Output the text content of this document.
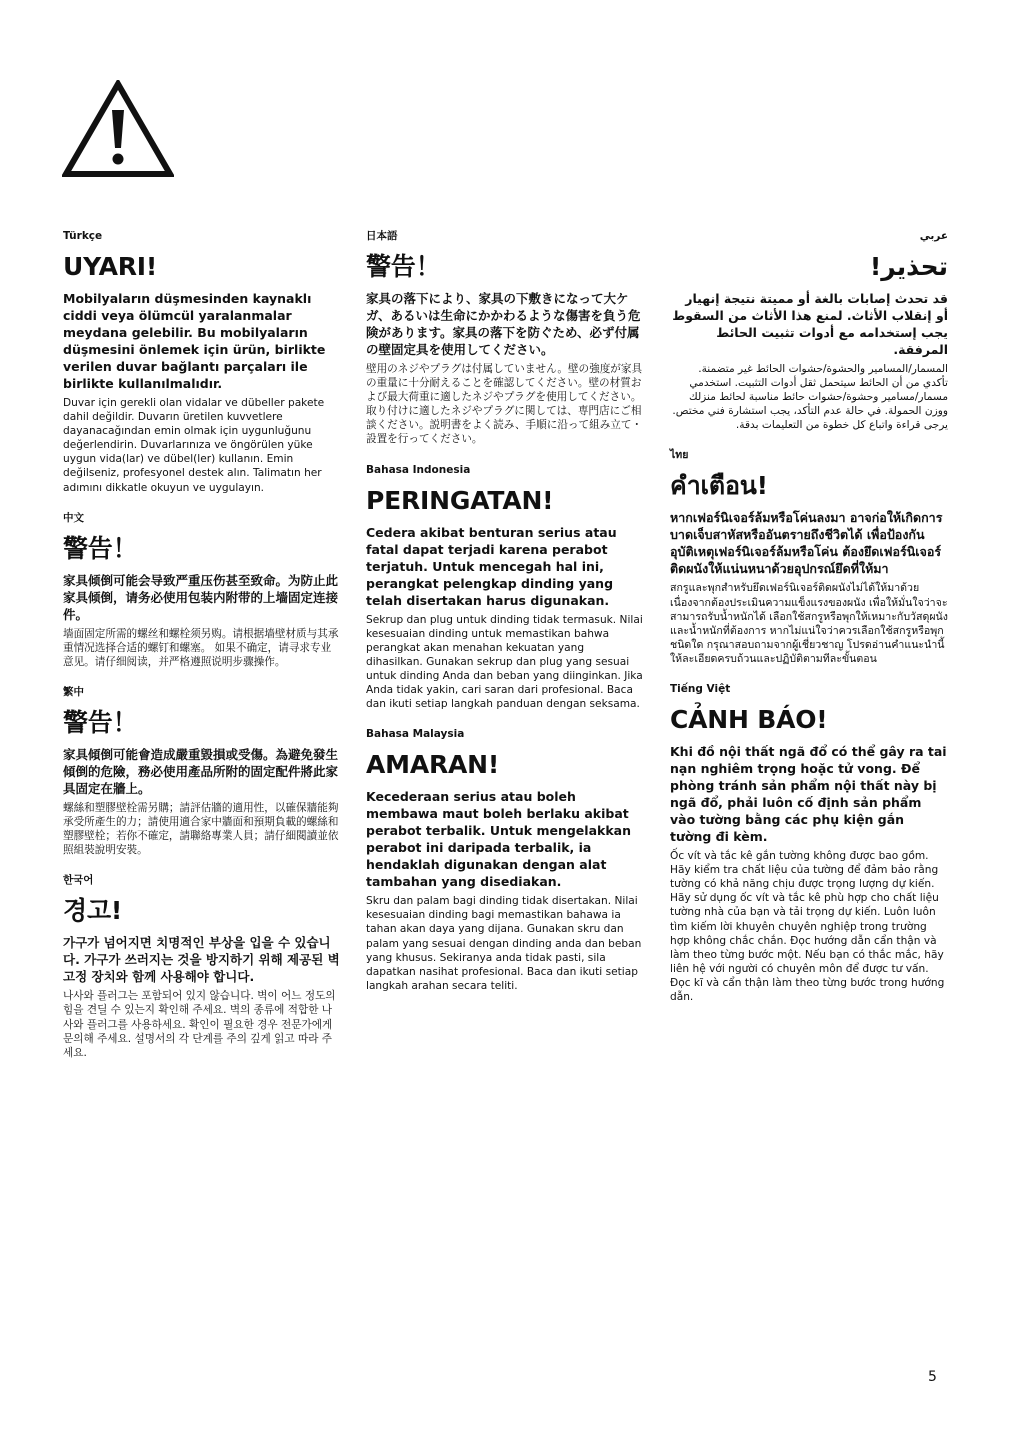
Türkçe
UYARI!
Mobilyaların düşmesinden kaynaklı ciddi veya ölümcül yaralanmalar meydana gelebilir. Bu mobilyaların düşmesini önlemek için ürün, birlikte verilen duvar bağlantı parçaları ile birlikte kullanılmalıdır.
Duvar için gerekli olan vidalar ve dübeller pakete dahil değildir. Duvarın üretilen kuvvetlere dayanacağından emin olmak için uygunluğunu değerlendirin. Duvarlarınıza ve öngörülen yüke uygun vida(lar) ve dübel(ler) kullanın. Emin değilseniz, profesyonel destek alın. Talimatın her adımını dikkatle okuyun ve uygulayın.
中文
警告！
家具倾倒可能会导致严重压伤甚至致命。为防止此家具倾倒，请务必使用包装内附带的上墙固定连接件。
墙面固定所需的螺丝和螺栓须另购。请根据墙壁材质与其承重情况选择合适的螺钉和螺塞。 如果不确定，请寻求专业意见。请仔细阅读，并严格遵照说明步骤操作。
繁中
警告！
家具傾倒可能會造成嚴重毀損或受傷。為避免發生傾倒的危險，務必使用產品所附的固定配件將此家具固定在牆上。
螺絲和塑膠壁栓需另購；請評估牆的適用性，以確保牆能夠承受所產生的力；請使用適合家中牆面和預期負載的螺絲和塑膠壁栓；若你不確定，請聯絡專業人員；請仔細閱讀並依照組裝說明安裝。
한국어
경고!
가구가 넘어지면 치명적인 부상을 입을 수 있습니다. 가구가 쓰러지는 것을 방지하기 위해 제공된 벽고정 장치와 함께 사용해야 합니다.
나사와 플러그는 포함되어 있지 않습니다. 벽이 어느 정도의 힘을 견딜 수 있는지 확인해 주세요. 벽의 종류에 적합한 나사와 플러그를 사용하세요. 확인이 필요한 경우 전문가에게 문의해 주세요. 설명서의 각 단계를 주의 깊게 읽고 따라 주세요.
日本語
警告！
家具の落下により、家具の下敷きになって大ケガ、あるいは生命にかかわるような傷害を負う危険があります。家具の落下を防ぐため、必ず付属の壁固定具を使用してください。
壁用のネジやプラグは付属していません。壁の強度が家具の重量に十分耐えることを確認してください。壁の材質および最大荷重に適したネジやプラグを使用してください。取り付けに適したネジやプラグに関しては、専門店にご相談ください。説明書をよく読み、手順に沿って組み立て・設置を行ってください。
Bahasa Indonesia
PERINGATAN!
Cedera akibat benturan serius atau fatal dapat terjadi karena perabot terjatuh. Untuk mencegah hal ini, perangkat pelengkap dinding yang telah disertakan harus digunakan.
Sekrup dan plug untuk dinding tidak termasuk. Nilai kesesuaian dinding untuk memastikan bahwa perangkat akan menahan kekuatan yang dihasilkan. Gunakan sekrup dan plug yang sesuai untuk dinding Anda dan beban yang diinginkan. Jika Anda tidak yakin, cari saran dari profesional. Baca dan ikuti setiap langkah panduan dengan seksama.
Bahasa Malaysia
AMARAN!
Kecederaan serius atau boleh membawa maut boleh berlaku akibat perabot terbalik. Untuk mengelakkan perabot ini daripada terbalik, ia hendaklah digunakan dengan alat tambahan yang disediakan.
Skru dan palam bagi dinding tidak disertakan. Nilai kesesuaian dinding bagi memastikan bahawa ia tahan akan daya yang dijana. Gunakan skru dan palam yang sesuai dengan dinding anda dan beban yang khusus. Sekiranya anda tidak pasti, sila dapatkan nasihat profesional. Baca dan ikuti setiap langkah arahan secara teliti.
عربي
تحذير!
قد تحدث إصابات بالغة أو مميتة نتيجة إنهيار أو إنقلاب الأثاث. لمنع هذا الأثاث من السقوط يجب إستخدامه مع أدوات تثبيت الحائط المرفقة.
المسمار/المسامير والحشوة/حشوات الحائط غير متضمنة. تأكدي من أن الحائط سيتحمل ثقل أدوات التثبيت. استخدمي مسمار/مسامير وحشوة/حشوات حائط مناسبة لحائط منزلك ووزن الحمولة. في حالة عدم التأكد، يجب استشارة فني مختص. يرجى قراءة واتباع كل خطوة من التعليمات بدقة.
ไทย
คำเตือน!
หากเฟอร์นิเจอร์ล้มหรือโค่นลงมา อาจก่อให้เกิดการบาดเจ็บสาหัสหรืออันตรายถึงชีวิตได้ เพื่อป้องกันอุบัติเหตุเฟอร์นิเจอร์ล้มหรือโค่น ต้องยึดเฟอร์นิเจอร์ติดผนังให้แน่นหนาด้วยอุปกรณ์ยึดที่ให้มา
สกรูและพุกสำหรับยึดเฟอร์นิเจอร์ติดผนังไม่ได้ให้มาด้วย เนื่องจากต้องประเมินความแข็งแรงของผนัง เพื่อให้มั่นใจว่าจะสามารถรับน้ำหนักได้ เลือกใช้สกรูหรือพุกให้เหมาะกับวัสดุผนังและน้ำหนักที่ต้องการ หากไม่แน่ใจว่าควรเลือกใช้สกรูหรือพุกชนิดใด กรุณาสอบถามจากผู้เชี่ยวชาญ โปรดอ่านคำแนะนำนี้ให้ละเอียดครบถ้วนและปฏิบัติตามทีละขั้นตอน
Tiếng Việt
CẢNH BÁO!
Khi đồ nội thất ngã đổ có thể gây ra tai nạn nghiêm trọng hoặc tử vong. Để phòng tránh sản phẩm nội thất này bị ngã đổ, phải luôn cố định sản phẩm vào tường bằng các phụ kiện gắn tường đi kèm.
Ốc vít và tắc kê gắn tường không được bao gồm. Hãy kiểm tra chất liệu của tường để đảm bảo rằng tường có khả năng chịu được trọng lượng dự kiến. Hãy sử dụng ốc vít và tắc kê phù hợp cho chất liệu tường nhà của bạn và tải trọng dự kiến. Luôn luôn tìm kiếm lời khuyên chuyên nghiệp trong trường hợp không chắc chắn. Đọc hướng dẫn cẩn thận và làm theo từng bước một. Nếu bạn có thắc mắc, hãy liên hệ với người có chuyên môn để được tư vấn. Đọc kĩ và cẩn thận làm theo từng bước trong hướng dẫn.
5
